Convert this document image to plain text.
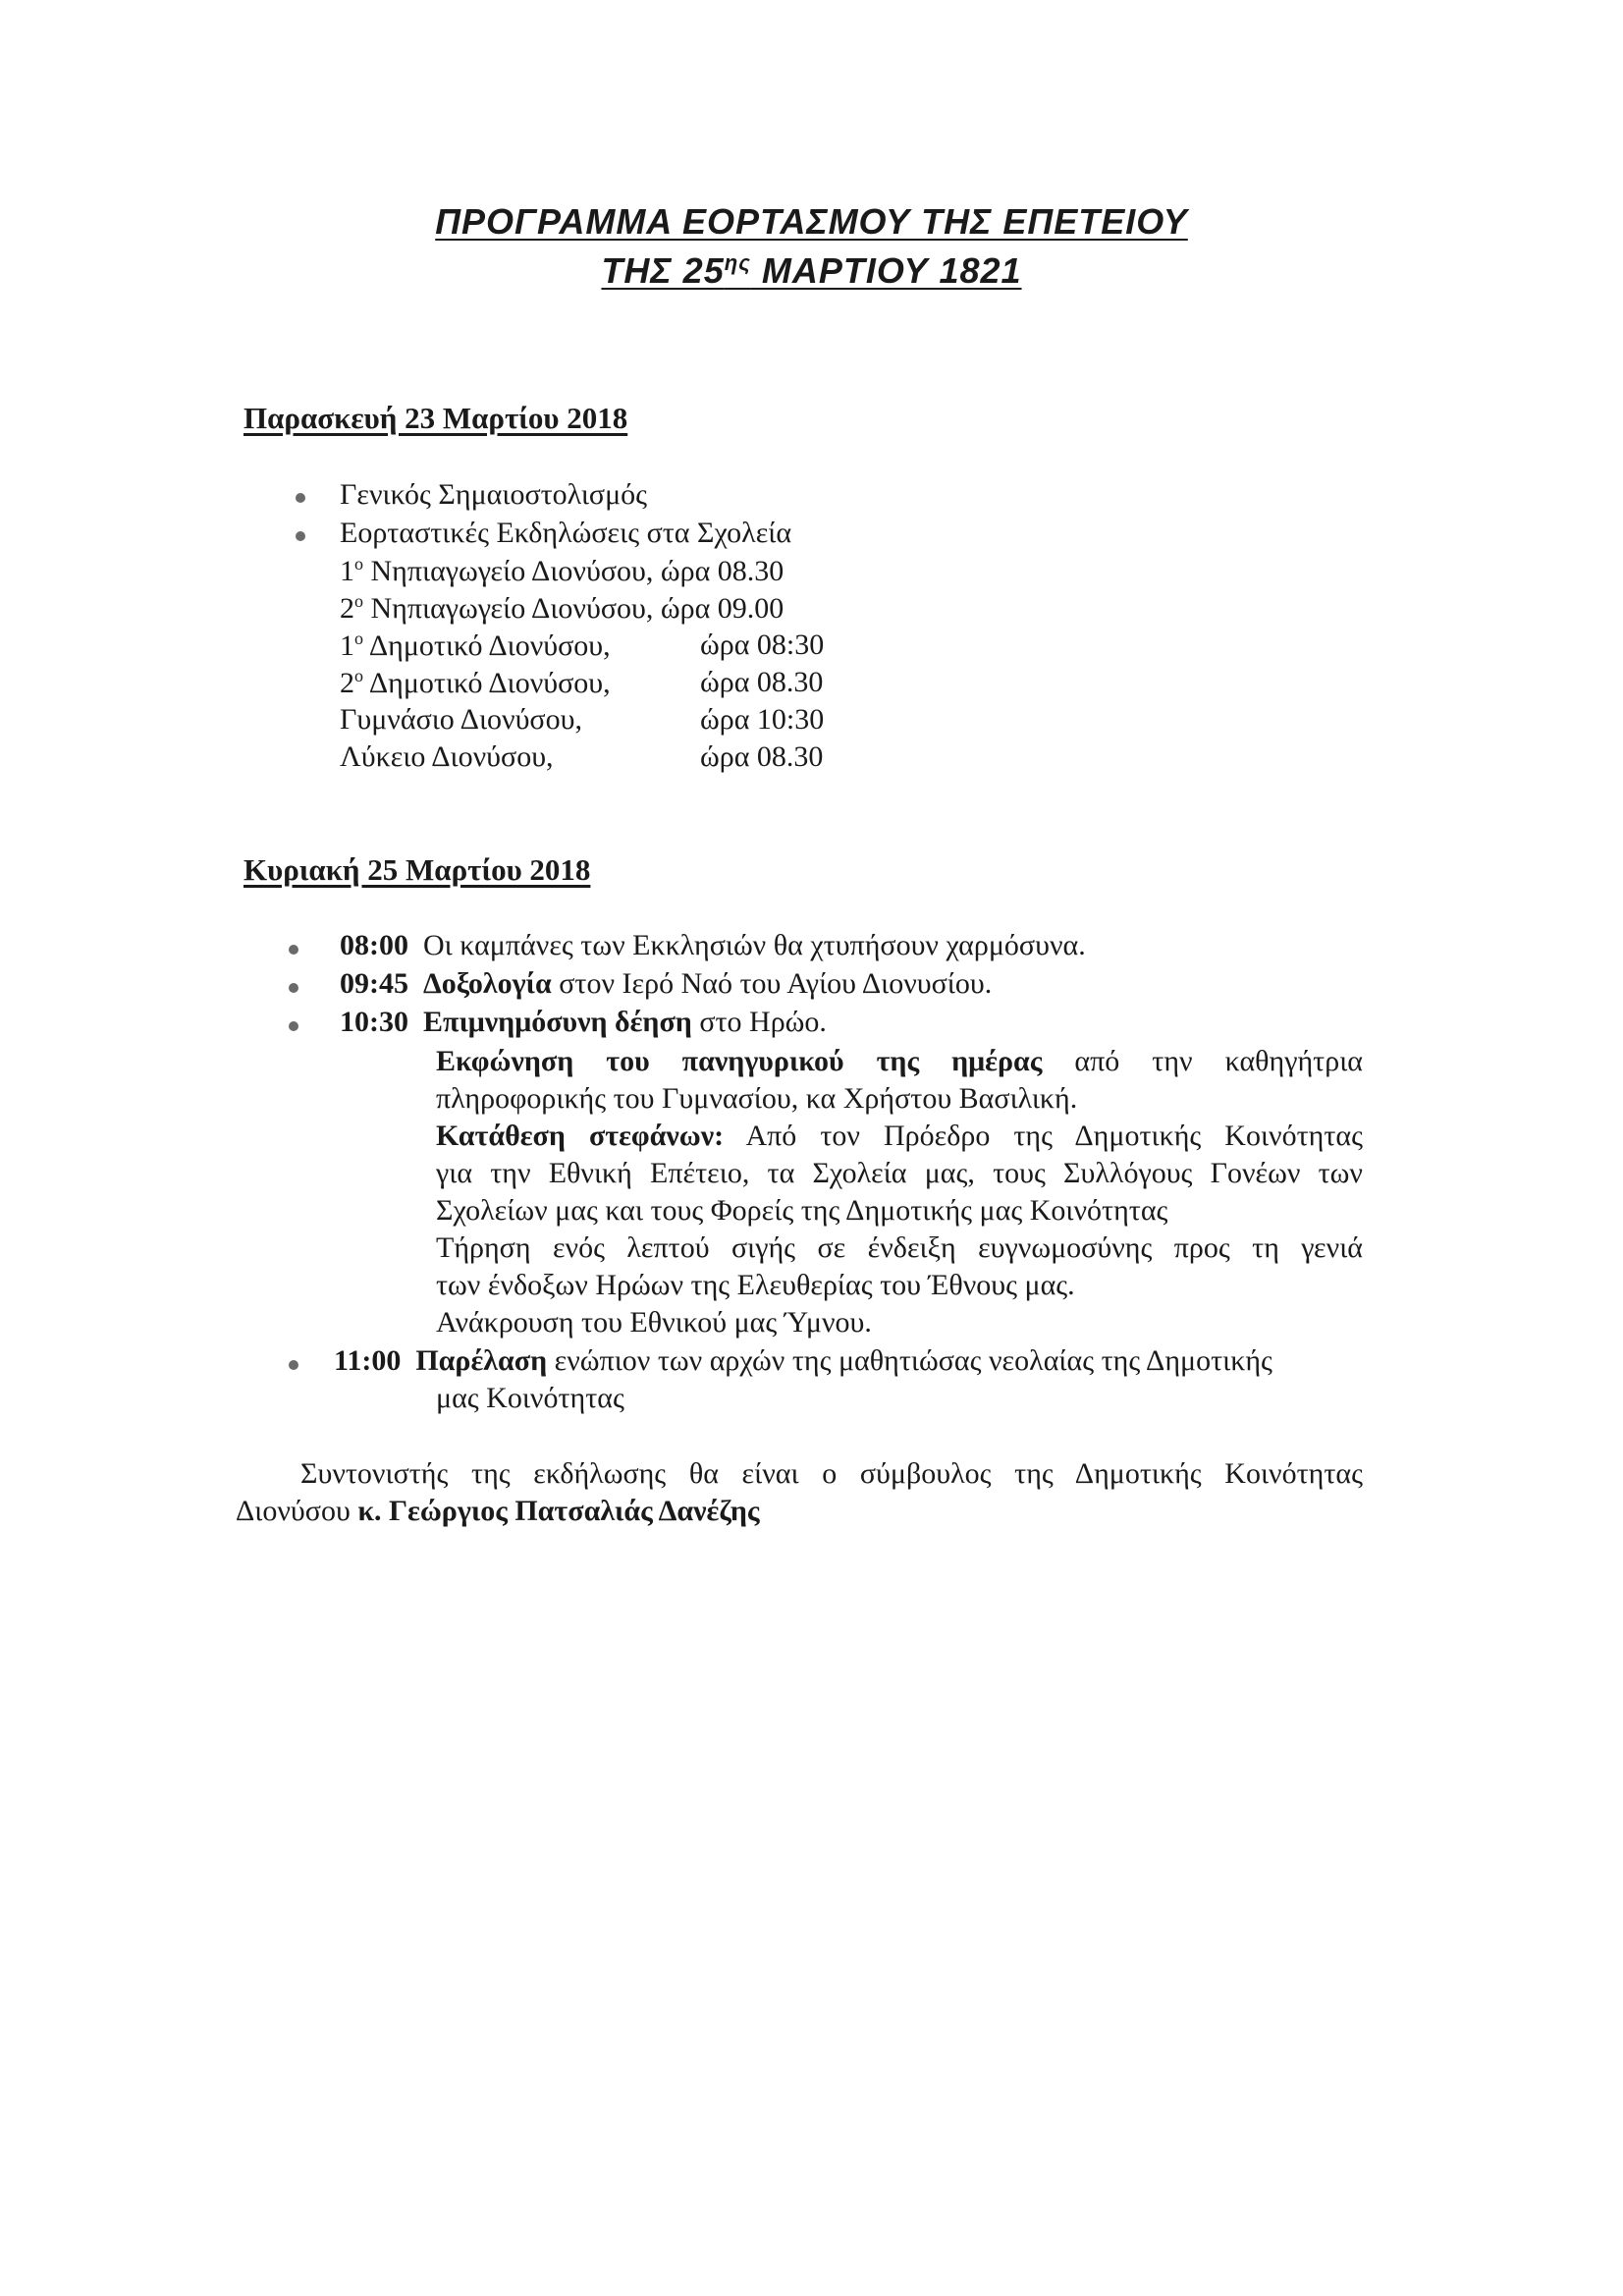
ΠΡΟΓΡΑΜΜΑ ΕΟΡΤΑΣΜΟΥ ΤΗΣ ΕΠΕΤΕΙΟΥ
ΤΗΣ $25^{\eta\varsigma}$ ΜΑΡΤΙΟΥ 1821
Παρασκευή 23 Μαρτίου 2018
Γενικός Σημαιοστολισμός
Εορταστικές Εκδηλώσεις στα Σχολεία
$1^o$ Νηπιαγωγείο Διονύσου, ώρα 08.30
$2^o$ Νηπιαγωγείο Διονύσου, ώρα 09.00
$1^o$ Δημοτικό Διονύσου,	ώρα 08:30
$2^o$ Δημοτικό Διονύσου,	ώρα 08.30
Γυμνάσιο Διονύσου,	ώρα 10:30
Λύκειο Διονύσου,	ώρα 08.30
Κυριακή 25 Μαρτίου 2018
08:00 Οι καμπάνες των Εκκλησιών θα χτυπήσουν χαρμόσυνα.
09:45 Δοξολογία στον Ιερό Ναό του Αγίου Διονυσίου.
10:30 Επιμνημόσυνη δέηση στο Ηρώο.
Εκφώνηση του πανηγυρικού της ημέρας από την καθηγήτρια
πληροφορικής του Γυμνασίου, κα Χρήστου Βασιλική.
Κατάθεση στεφάνων: Από τον Πρόεδρο της Δημοτικής Κοινότητας
για την Εθνική Επέτειο, τα Σχολεία μας, τους Συλλόγους Γονέων των
Σχολείων μας και τους Φορείς της Δημοτικής μας Κοινότητας
Τήρηση ενός λεπτού σιγής σε ένδειξη ευγνωμοσύνης προς τη γενιά
των ένδοξων Ηρώων της Ελευθερίας του Έθνους μας.
Ανάκρουση του Εθνικού μας Ύμνου.
11:00 Παρέλαση ενώπιον των αρχών της μαθητιώσας νεολαίας της Δημοτικής
μας Κοινότητας
Συντονιστής της εκδήλωσης θα είναι ο σύμβουλος της Δημοτικής Κοινότητας
Διονύσου κ. Γεώργιος Πατσαλιάς Δανέζης
